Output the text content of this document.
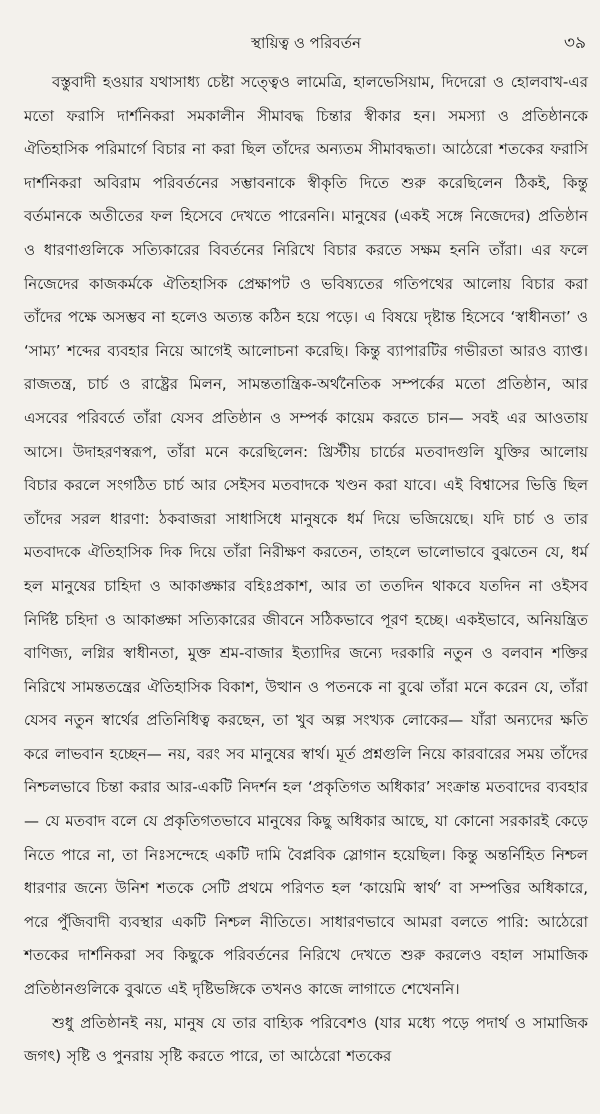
স্থায়িত্ব ও পরিবর্তন	৩৯

বস্তুবাদী হওয়ার যথাসাধ্য চেষ্টা সত্ত্বেও লামেত্রি, হালভেসিয়াম, দিদেরো ও হোলবাখ-এর মতো ফরাসি দার্শনিকরা সমকালীন সীমাবদ্ধ চিন্তার স্বীকার হন। সমস্যা ও প্রতিষ্ঠানকে ঐতিহাসিক পরিমার্গে বিচার না করা ছিল তাঁদের অন্যতম সীমাবদ্ধতা। আঠেরো শতকের ফরাসি দার্শনিকরা অবিরাম পরিবর্তনের সম্ভাবনাকে স্বীকৃতি দিতে শুরু করেছিলেন ঠিকই, কিন্তু বর্তমানকে অতীতের ফল হিসেবে দেখতে পারেননি। মানুষের (একই সঙ্গে নিজেদের) প্রতিষ্ঠান ও ধারণাগুলিকে সত্যিকারের বিবর্তনের নিরিখে বিচার করতে সক্ষম হননি তাঁরা। এর ফলে নিজেদের কাজকর্মকে ঐতিহাসিক প্রেক্ষাপট ও ভবিষ্যতের গতিপথের আলোয় বিচার করা তাঁদের পক্ষে অসম্ভব না হলেও অত্যন্ত কঠিন হয়ে পড়ে। এ বিষয়ে দৃষ্টান্ত হিসেবে ‘স্বাধীনতা’ ও ‘সাম্য’ শব্দের ব্যবহার নিয়ে আগেই আলোচনা করেছি। কিন্তু ব্যাপারটির গভীরতা আরও ব্যাপ্ত। রাজতন্ত্র, চার্চ ও রাষ্ট্রের মিলন, সামন্ততান্ত্রিক-অর্থনৈতিক সম্পর্কের মতো প্রতিষ্ঠান, আর এসবের পরিবর্তে তাঁরা যেসব প্রতিষ্ঠান ও সম্পর্ক কায়েম করতে চান— সবই এর আওতায় আসে। উদাহরণস্বরূপ, তাঁরা মনে করেছিলেন: খ্রিস্টীয় চার্চের মতবাদগুলি যুক্তির আলোয় বিচার করলে সংগঠিত চার্চ আর সেইসব মতবাদকে খণ্ডন করা যাবে। এই বিশ্বাসের ভিত্তি ছিল তাঁদের সরল ধারণা: ঠকবাজরা সাধাসিধে মানুষকে ধর্ম দিয়ে ভজিয়েছে। যদি চার্চ ও তার মতবাদকে ঐতিহাসিক দিক দিয়ে তাঁরা নিরীক্ষণ করতেন, তাহলে ভালোভাবে বুঝতেন যে, ধর্ম হল মানুষের চাহিদা ও আকাঙ্ক্ষার বহিঃপ্রকাশ, আর তা ততদিন থাকবে যতদিন না ওইসব নির্দিষ্ট চহিদা ও আকাঙ্ক্ষা সত্যিকারের জীবনে সঠিকভাবে পূরণ হচ্ছে। একইভাবে, অনিয়ন্ত্রিত বাণিজ্য, লগ্নির স্বাধীনতা, মুক্ত শ্রম-বাজার ইত্যাদির জন্যে দরকারি নতুন ও বলবান শক্তির নিরিখে সামন্ততন্ত্রের ঐতিহাসিক বিকাশ, উত্থান ও পতনকে না বুঝে তাঁরা মনে করেন যে, তাঁরা যেসব নতুন স্বার্থের প্রতিনিধিত্ব করছেন, তা খুব অল্প সংখ্যক লোকের— যাঁরা অন্যদের ক্ষতি করে লাভবান হচ্ছেন— নয়, বরং সব মানুষের স্বার্থ। মূর্ত প্রশ্নগুলি নিয়ে কারবারের সময় তাঁদের নিশ্চলভাবে চিন্তা করার আর-একটি নিদর্শন হল ‘প্রকৃতিগত অধিকার’ সংক্রান্ত মতবাদের ব্যবহার— যে মতবাদ বলে যে প্রকৃতিগতভাবে মানুষের কিছু অধিকার আছে, যা কোনো সরকারই কেড়ে নিতে পারে না, তা নিঃসন্দেহে একটি দামি বৈপ্লবিক স্লোগান হয়েছিল। কিন্তু অন্তর্নিহিত নিশ্চল ধারণার জন্যে উনিশ শতকে সেটি প্রথমে পরিণত হল ‘কায়েমি স্বার্থ’ বা সম্পত্তির অধিকারে, পরে পুঁজিবাদী ব্যবস্থার একটি নিশ্চল নীতিতে। সাধারণভাবে আমরা বলতে পারি: আঠেরো শতকের দার্শনিকরা সব কিছুকে পরিবর্তনের নিরিখে দেখতে শুরু করলেও বহাল সামাজিক প্রতিষ্ঠানগুলিকে বুঝতে এই দৃষ্টিভঙ্গিকে তখনও কাজে লাগাতে শেখেননি।

শুধু প্রতিষ্ঠানই নয়, মানুষ যে তার বাহ্যিক পরিবেশও (যার মধ্যে পড়ে পদার্থ ও সামাজিক জগৎ) সৃষ্টি ও পুনরায় সৃষ্টি করতে পারে, তা আঠেরো শতকের
